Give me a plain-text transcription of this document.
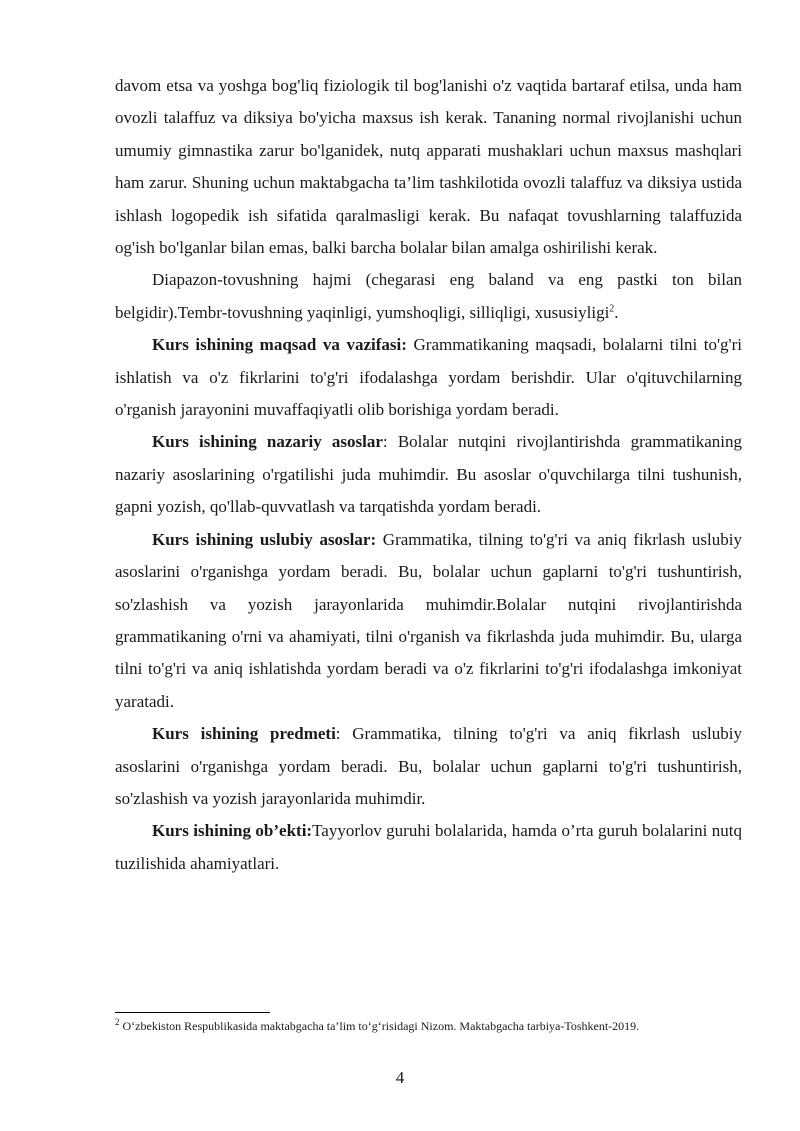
davom etsa va yoshga bog'liq fiziologik til bog'lanishi o'z vaqtida bartaraf etilsa, unda ham ovozli talaffuz va diksiya bo'yicha maxsus ish kerak. Tananing normal rivojlanishi uchun umumiy gimnastika zarur bo'lganidek, nutq apparati mushaklari uchun maxsus mashqlari ham zarur. Shuning uchun maktabgacha ta’lim tashkilotida ovozli talaffuz va diksiya ustida ishlash logopedik ish sifatida qaralmasligi kerak. Bu nafaqat tovushlarning talaffuzida og'ish bo'lganlar bilan emas, balki barcha bolalar bilan amalga oshirilishi kerak.

Diapazon-tovushning hajmi (chegarasi eng baland va eng pastki ton bilan belgidir).Tembr-tovushning yaqinligi, yumshoqligi, silliqligi, xususiyligi$^2$.

Kurs ishining maqsad va vazifasi: Grammatikaning maqsadi, bolalarni tilni to'g'ri ishlatish va o'z fikrlarini to'g'ri ifodalashga yordam berishdir. Ular o'qituvchilarning o'rganish jarayonini muvaffaqiyatli olib borishiga yordam beradi.

Kurs ishining nazariy asoslar: Bolalar nutqini rivojlantirishda grammatikaning nazariy asoslarining o'rgatilishi juda muhimdir. Bu asoslar o'quvchilarga tilni tushunish, gapni yozish, qo'llab-quvvatlash va tarqatishda yordam beradi.

Kurs ishining uslubiy asoslar: Grammatika, tilning to'g'ri va aniq fikrlash uslubiy asoslarini o'rganishga yordam beradi. Bu, bolalar uchun gaplarni to'g'ri tushuntirish, so'zlashish va yozish jarayonlarida muhimdir.Bolalar nutqini rivojlantirishda grammatikaning o'rni va ahamiyati, tilni o'rganish va fikrlashda juda muhimdir. Bu, ularga tilni to'g'ri va aniq ishlatishda yordam beradi va o'z fikrlarini to'g'ri ifodalashga imkoniyat yaratadi.

Kurs ishining predmeti: Grammatika, tilning to'g'ri va aniq fikrlash uslubiy asoslarini o'rganishga yordam beradi. Bu, bolalar uchun gaplarni to'g'ri tushuntirish, so'zlashish va yozish jarayonlarida muhimdir.

Kurs ishining ob’ekti:Tayyorlov guruhi bolalarida, hamda o’rta guruh bolalarini nutq tuzilishida ahamiyatlari.

$^2$ O‘zbekiston Respublikasida maktabgacha ta’lim to‘g‘risidagi Nizom. Maktabgacha tarbiya-Toshkent-2019.

4
